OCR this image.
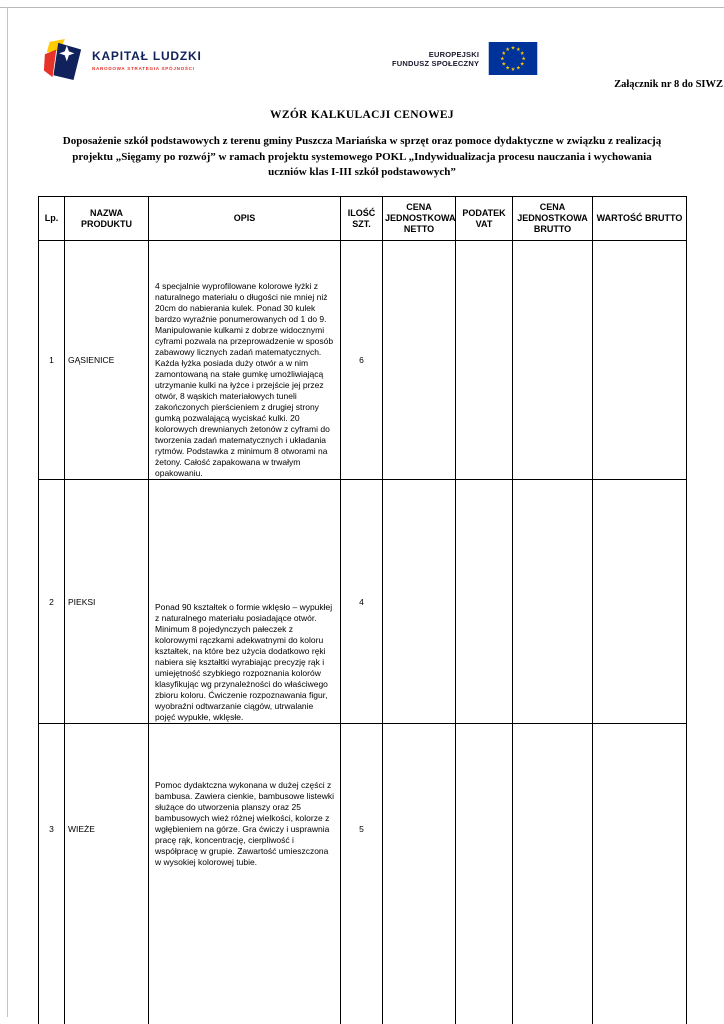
KAPITAŁ LUDZKI
NARODOWA STRATEGIA SPÓJNOŚCI
EUROPEJSKI
FUNDUSZ SPOŁECZNY
Załącznik nr 8 do SIWZ
WZÓR KALKULACJI CENOWEJ

Doposażenie szkół podstawowych z terenu gminy Puszcza Mariańska w sprzęt oraz pomoce dydaktyczne w związku z realizacją projektu „Sięgamy po rozwój” w ramach projektu systemowego POKL „Indywidualizacja procesu nauczania i wychowania uczniów klas I-III szkół podstawowych”

Lp.	NAZWA PRODUKTU	OPIS	ILOŚĆ SZT.	CENA JEDNOSTKOWA NETTO	PODATEK VAT	CENA JEDNOSTKOWA BRUTTO	WARTOŚĆ BRUTTO
1	GĄSIENICE	4 specjalnie wyprofilowane kolorowe łyżki z naturalnego materiału o długości nie mniej niż 20cm do nabierania kulek. Ponad 30 kulek bardzo wyraźnie ponumerowanych od 1 do 9. Manipulowanie kulkami z dobrze widocznymi cyframi pozwala na przeprowadzenie w sposób zabawowy licznych zadań matematycznych. Każda łyżka posiada duży otwór a w nim zamontowaną na stałe gumkę umożliwiającą utrzymanie kulki na łyżce i przejście jej przez otwór, 8 wąskich materiałowych tuneli zakończonych pierścieniem z drugiej strony gumką pozwalającą wyciskać kulki. 20 kolorowych drewnianych żetonów z cyframi do tworzenia zadań matematycznych i układania rytmów. Podstawka z minimum 8 otworami na żetony. Całość zapakowana w trwałym opakowaniu.	6				
2	PIEKSI	Ponad 90 kształtek o formie wklęsło – wypukłej z naturalnego materiału posiadające otwór. Minimum 8 pojedynczych pałeczek z kolorowymi rączkami adekwatnymi do koloru kształtek, na które bez użycia dodatkowo ręki nabiera się kształtki wyrabiając precyzję rąk i umiejętność szybkiego rozpoznania kolorów klasyfikując wg przynależności do właściwego zbioru koloru. Ćwiczenie rozpoznawania figur, wyobraźni odtwarzanie ciągów, utrwalanie pojęć wypukłe, wklęsłe.	4				
3	WIEŻE	Pomoc dydaktczna wykonana w dużej części z bambusa. Zawiera cienkie, bambusowe listewki służące do utworzenia planszy oraz 25 bambusowych wież różnej wielkości, kolorze z wgłębieniem na górze. Gra ćwiczy i usprawnia pracę rąk, koncentrację, cierpliwość i współpracę w grupie. Zawartość umieszczona w wysokiej kolorowej tubie.	5				
